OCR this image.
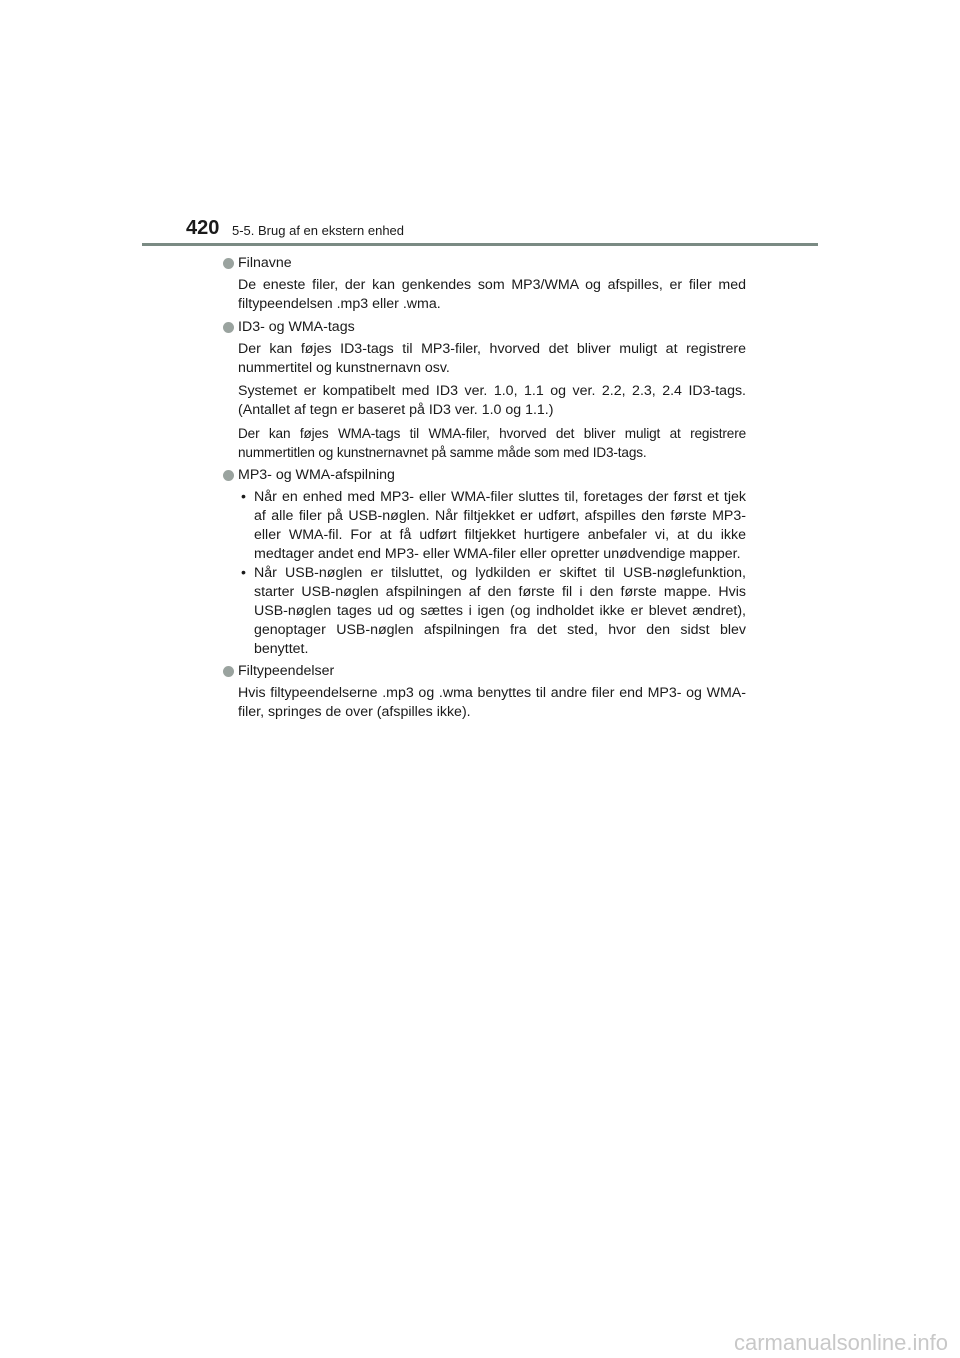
420 5-5. Brug af en ekstern enhed

Filnavne

De eneste filer, der kan genkendes som MP3/WMA og afspilles, er filer med filtypeendelsen .mp3 eller .wma.

ID3- og WMA-tags

Der kan føjes ID3-tags til MP3-filer, hvorved det bliver muligt at registrere nummertitel og kunstnernavn osv.

Systemet er kompatibelt med ID3 ver. 1.0, 1.1 og ver. 2.2, 2.3, 2.4 ID3-tags. (Antallet af tegn er baseret på ID3 ver. 1.0 og 1.1.)

Der kan føjes WMA-tags til WMA-filer, hvorved det bliver muligt at registrere nummertitlen og kunstnernavnet på samme måde som med ID3-tags.

MP3- og WMA-afspilning

• Når en enhed med MP3- eller WMA-filer sluttes til, foretages der først et tjek af alle filer på USB-nøglen. Når filtjekket er udført, afspilles den første MP3- eller WMA-fil. For at få udført filtjekket hurtigere anbefaler vi, at du ikke medtager andet end MP3- eller WMA-filer eller opretter unødvendige mapper.
• Når USB-nøglen er tilsluttet, og lydkilden er skiftet til USB-nøglefunktion, starter USB-nøglen afspilningen af den første fil i den første mappe. Hvis USB-nøglen tages ud og sættes i igen (og indholdet ikke er blevet ændret), genoptager USB-nøglen afspilningen fra det sted, hvor den sidst blev benyttet.

Filtypeendelser

Hvis filtypeendelserne .mp3 og .wma benyttes til andre filer end MP3- og WMA-filer, springes de over (afspilles ikke).

carmanualsonline.info
